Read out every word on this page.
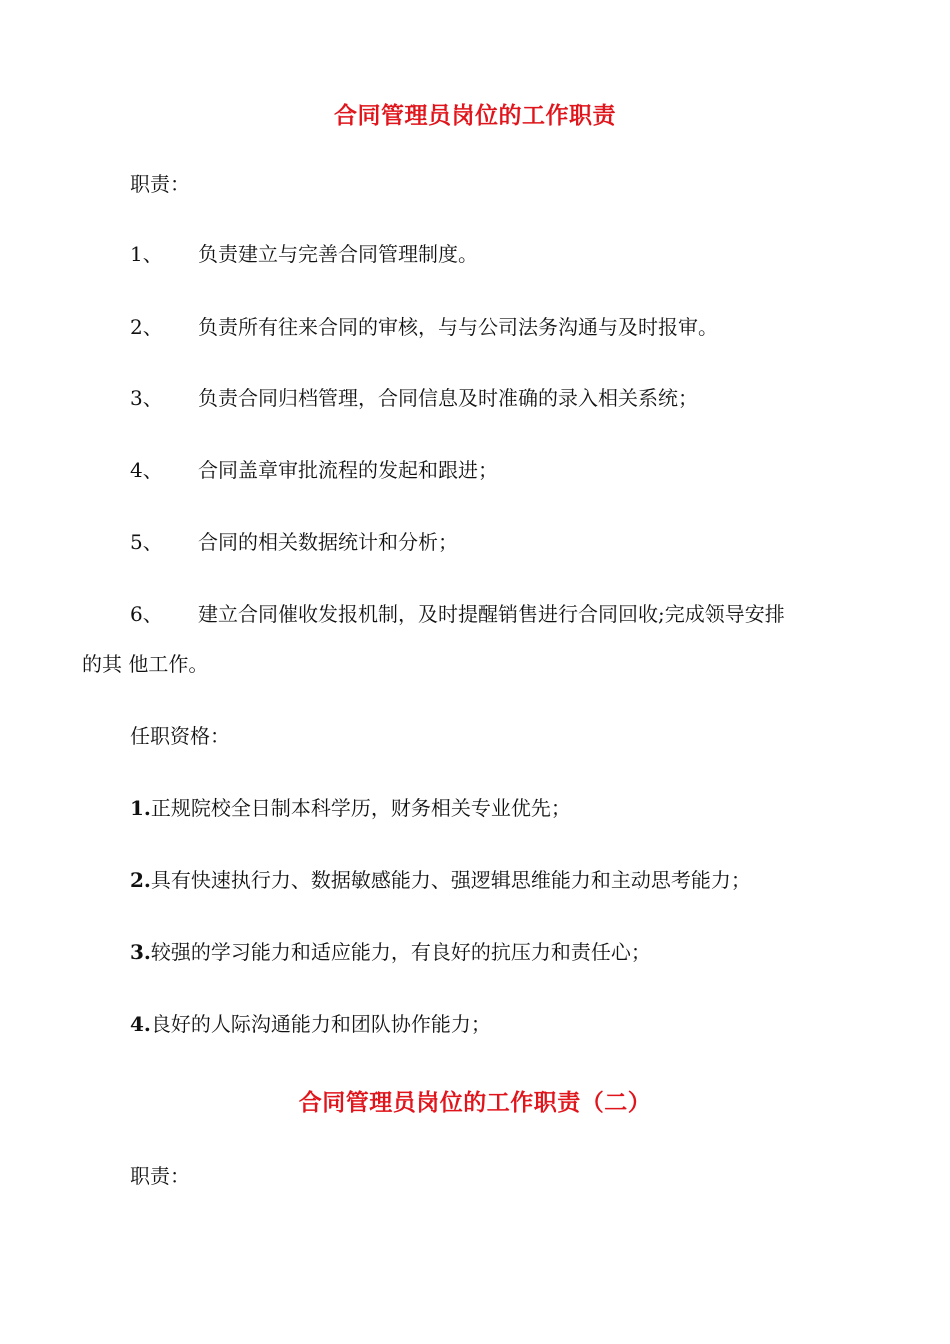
合同管理员岗位的工作职责
职责：
1、 负责建立与完善合同管理制度。
2、 负责所有往来合同的审核，与与公司法务沟通与及时报审。
3、 负责合同归档管理，合同信息及时准确的录入相关系统；
4、 合同盖章审批流程的发起和跟进；
5、 合同的相关数据统计和分析；
6、 建立合同催收发报机制，及时提醒销售进行合同回收;完成领导安排
的其 他工作。
任职资格：
1.正规院校全日制本科学历，财务相关专业优先；
2.具有快速执行力、数据敏感能力、强逻辑思维能力和主动思考能力；
3.较强的学习能力和适应能力，有良好的抗压力和责任心；
4.良好的人际沟通能力和团队协作能力；
合同管理员岗位的工作职责（二）
职责：
